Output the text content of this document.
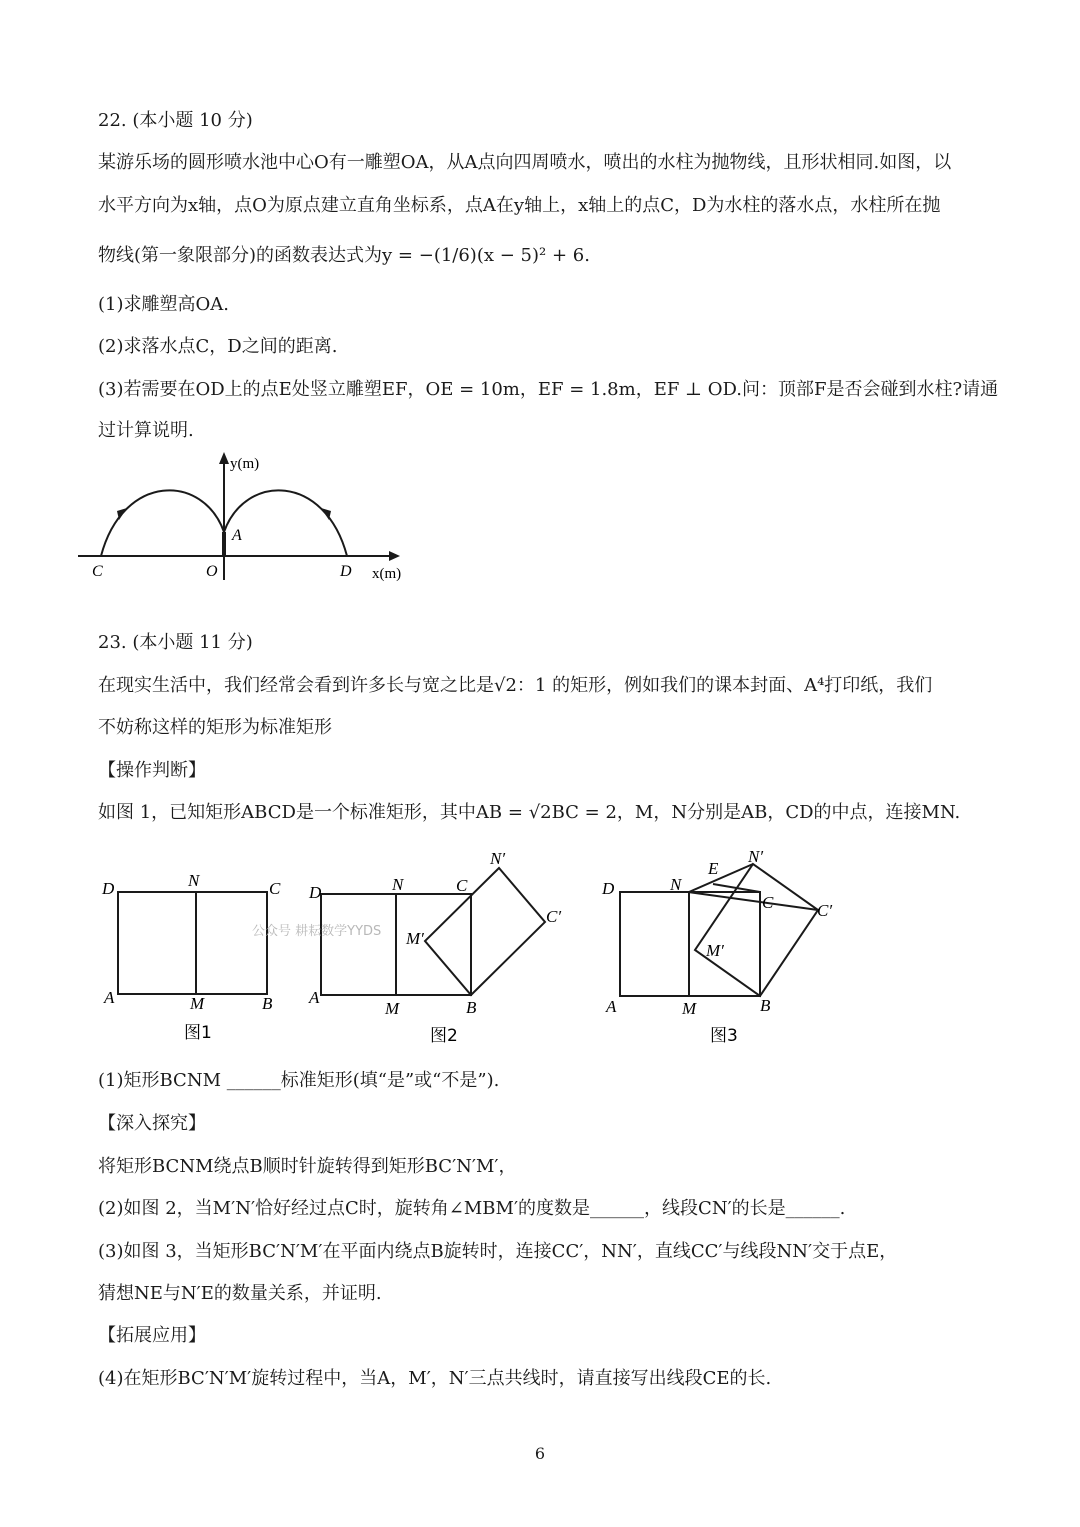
22. (本小题 10 分)
某游乐场的圆形喷水池中心O有一雕塑OA，从A点向四周喷水，喷出的水柱为抛物线，且形状相同.如图，以
水平方向为x轴，点O为原点建立直角坐标系，点A在y轴上，x轴上的点C，D为水柱的落水点，水柱所在抛
物线(第一象限部分)的函数表达式为y = −(1/6)(x − 5)² + 6.
(1)求雕塑高OA.
(2)求落水点C，D之间的距离.
(3)若需要在OD上的点E处竖立雕塑EF，OE = 10m，EF = 1.8m，EF ⊥ OD.问：顶部F是否会碰到水柱?请通
过计算说明.
y(m)
A
C	O	D x(m)
23. (本小题 11 分)
在现实生活中，我们经常会看到许多长与宽之比是√2：1 的矩形，例如我们的课本封面、A⁴打印纸，我们
不妨称这样的矩形为标准矩形
【操作判断】
如图 1，已知矩形ABCD是一个标准矩形，其中AB = √2BC = 2，M，N分别是AB，CD的中点，连接MN.
D	N	C
A	M	B
图1
D	N	C
N′
C′
M′
A
M	B
图2
D	N
E
N′
C	C′
M′
A	M	B
图3
公众号 耕耘数学YYDS
(1)矩形BCNM ______标准矩形(填“是”或“不是”).
【深入探究】
将矩形BCNM绕点B顺时针旋转得到矩形BC′N′M′，
(2)如图 2，当M′N′恰好经过点C时，旋转角∠MBM′的度数是______，线段CN′的长是______.
(3)如图 3，当矩形BC′N′M′在平面内绕点B旋转时，连接CC′，NN′，直线CC′与线段NN′交于点E，
猜想NE与N′E的数量关系，并证明.
【拓展应用】
(4)在矩形BC′N′M′旋转过程中，当A，M′，N′三点共线时，请直接写出线段CE的长.
6
